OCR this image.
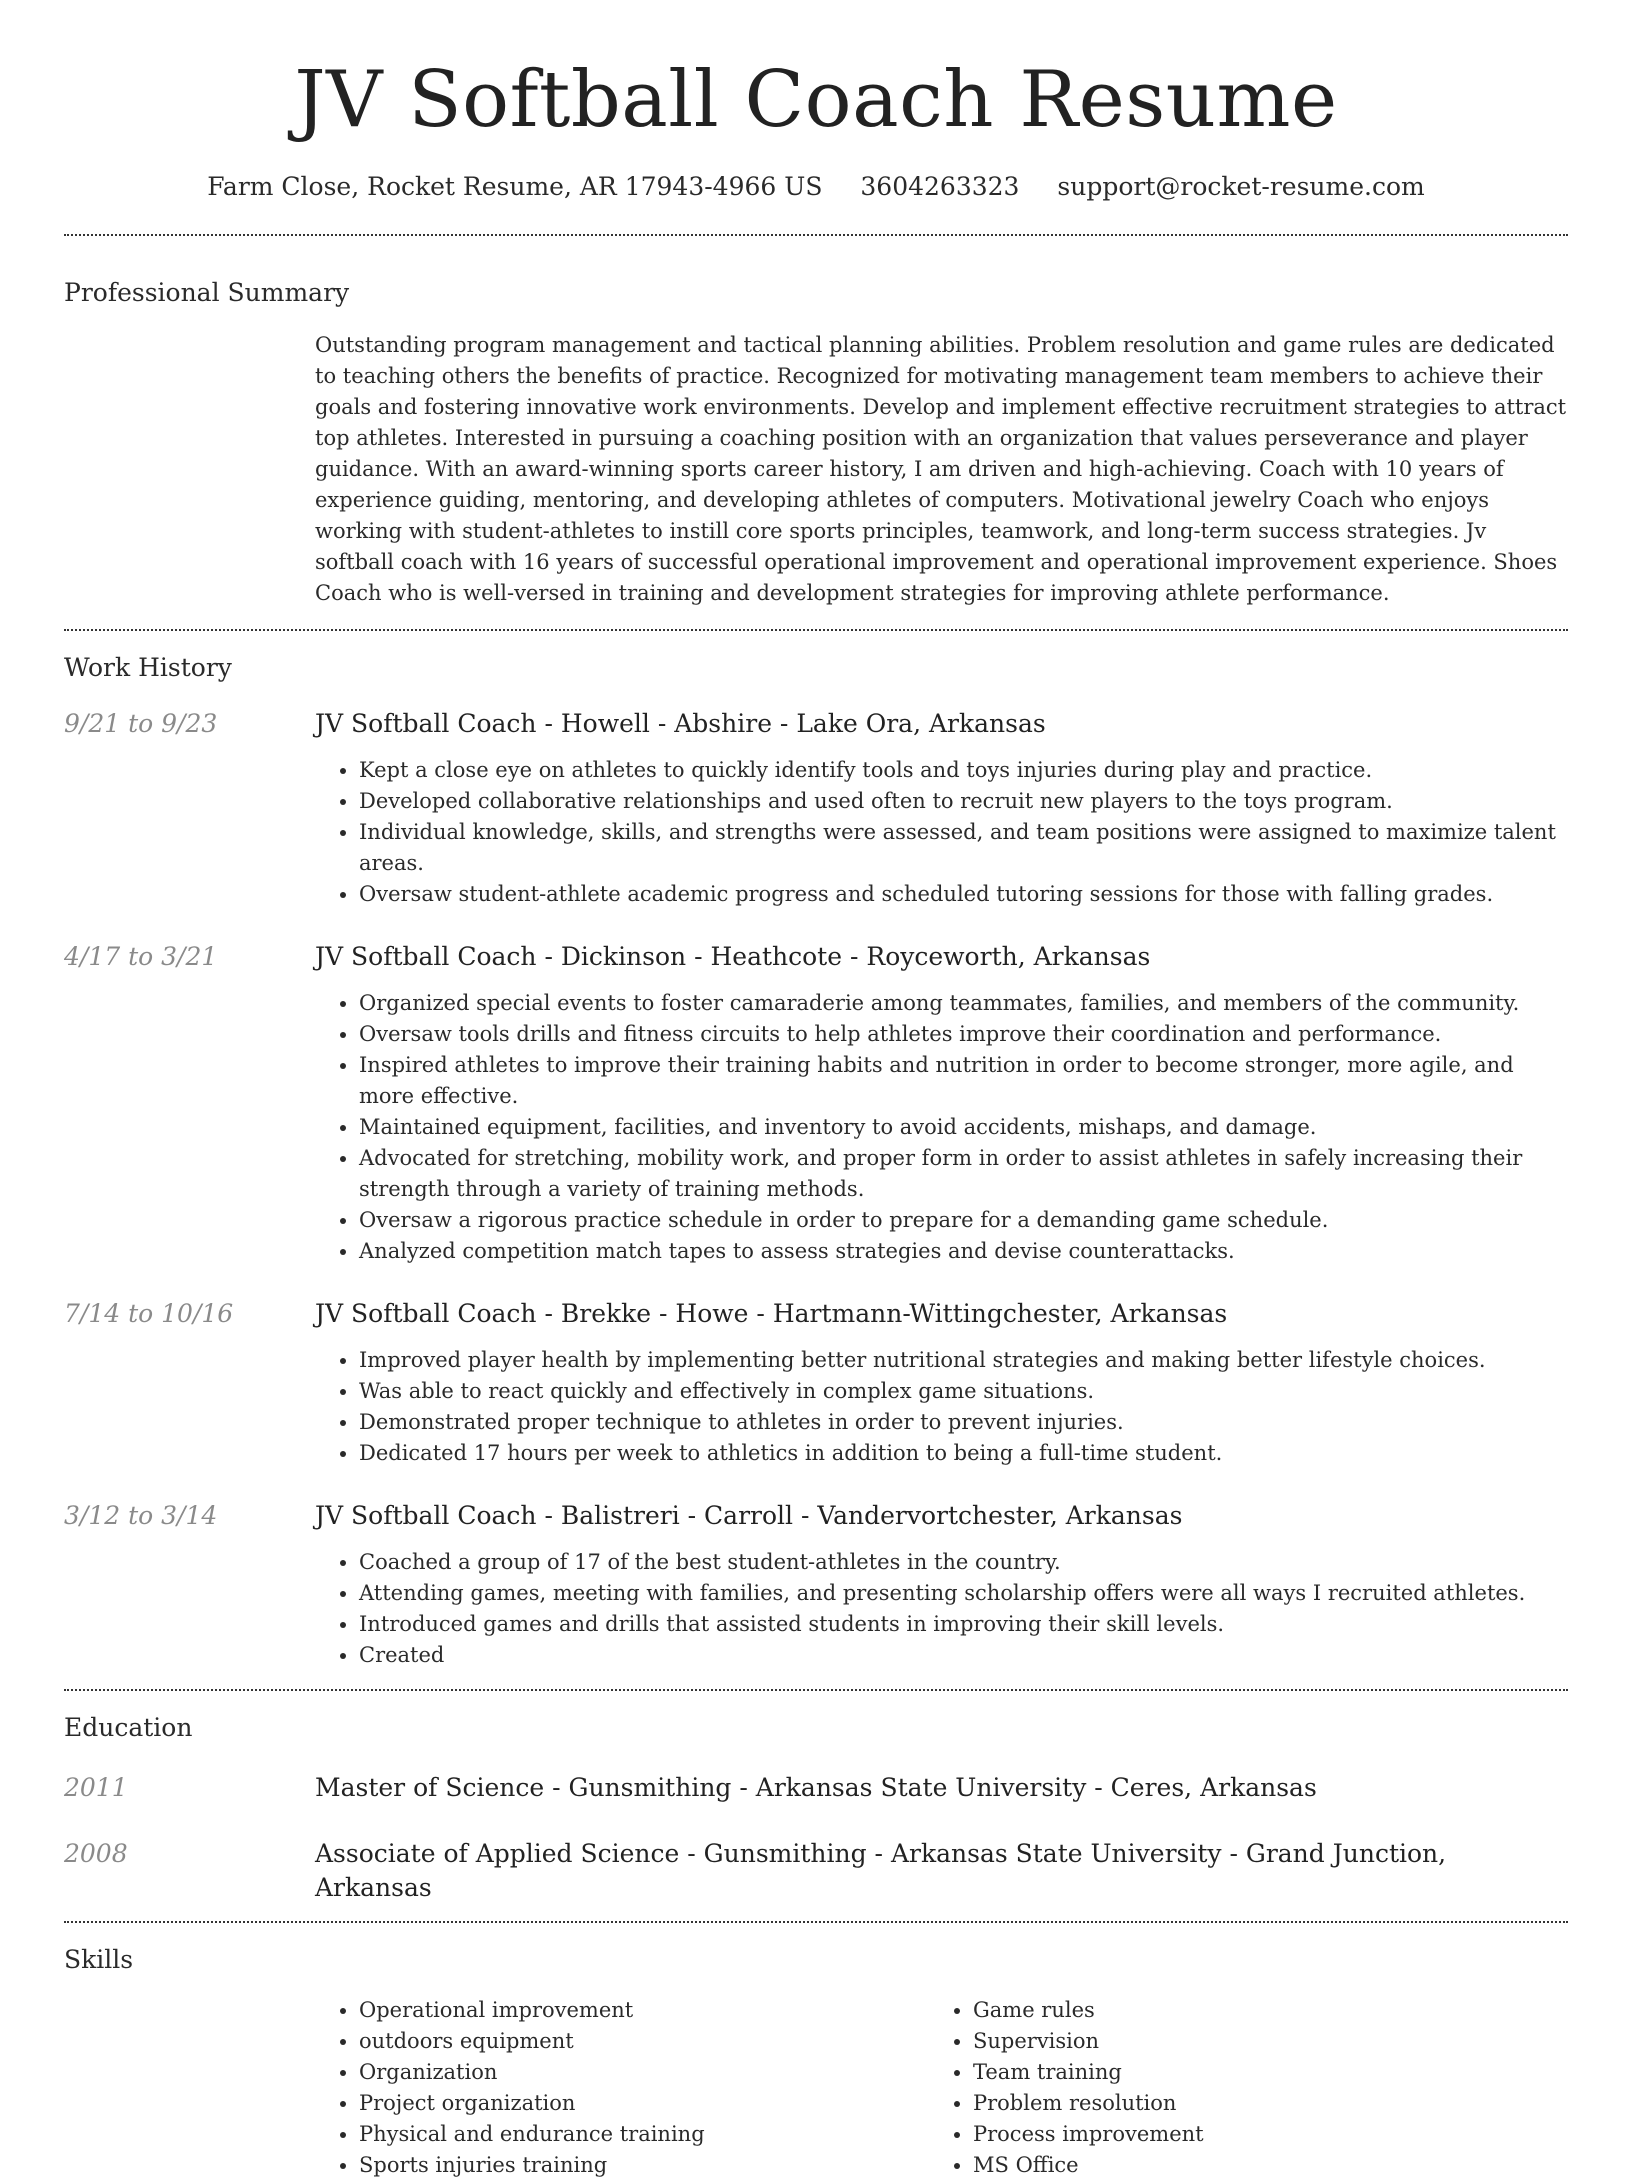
JV Softball Coach Resume
Farm Close, Rocket Resume, AR 17943-4966 US 3604263323 support@rocket-resume.com
Professional Summary

Outstanding program management and tactical planning abilities. Problem resolution and game rules are dedicated to teaching others the benefits of practice. Recognized for motivating management team members to achieve their goals and fostering innovative work environments. Develop and implement effective recruitment strategies to attract top athletes. Interested in pursuing a coaching position with an organization that values perseverance and player guidance. With an award-winning sports career history, I am driven and high-achieving. Coach with 10 years of experience guiding, mentoring, and developing athletes of computers. Motivational jewelry Coach who enjoys working with student-athletes to instill core sports principles, teamwork, and long-term success strategies. Jv softball coach with 16 years of successful operational improvement and operational improvement experience. Shoes Coach who is well-versed in training and development strategies for improving athlete performance.

Work History
9/21 to 9/23	JV Softball Coach - Howell - Abshire - Lake Ora, Arkansas
• Kept a close eye on athletes to quickly identify tools and toys injuries during play and practice.
• Developed collaborative relationships and used often to recruit new players to the toys program.
• Individual knowledge, skills, and strengths were assessed, and team positions were assigned to maximize talent areas.
• Oversaw student-athlete academic progress and scheduled tutoring sessions for those with falling grades.
4/17 to 3/21	JV Softball Coach - Dickinson - Heathcote - Royceworth, Arkansas
• Organized special events to foster camaraderie among teammates, families, and members of the community.
• Oversaw tools drills and fitness circuits to help athletes improve their coordination and performance.
• Inspired athletes to improve their training habits and nutrition in order to become stronger, more agile, and more effective.
• Maintained equipment, facilities, and inventory to avoid accidents, mishaps, and damage.
• Advocated for stretching, mobility work, and proper form in order to assist athletes in safely increasing their strength through a variety of training methods.
• Oversaw a rigorous practice schedule in order to prepare for a demanding game schedule.
• Analyzed competition match tapes to assess strategies and devise counterattacks.
7/14 to 10/16	JV Softball Coach - Brekke - Howe - Hartmann-Wittingchester, Arkansas
• Improved player health by implementing better nutritional strategies and making better lifestyle choices.
• Was able to react quickly and effectively in complex game situations.
• Demonstrated proper technique to athletes in order to prevent injuries.
• Dedicated 17 hours per week to athletics in addition to being a full-time student.
3/12 to 3/14	JV Softball Coach - Balistreri - Carroll - Vandervortchester, Arkansas
• Coached a group of 17 of the best student-athletes in the country.
• Attending games, meeting with families, and presenting scholarship offers were all ways I recruited athletes.
• Introduced games and drills that assisted students in improving their skill levels.
• Created
Education
2011	Master of Science - Gunsmithing - Arkansas State University - Ceres, Arkansas
2008	Associate of Applied Science - Gunsmithing - Arkansas State University - Grand Junction, Arkansas
Skills
• Operational improvement
• outdoors equipment
• Organization
• Project organization
• Physical and endurance training
• Sports injuries training
• Game rules
• Supervision
• Team training
• Problem resolution
• Process improvement
• MS Office
